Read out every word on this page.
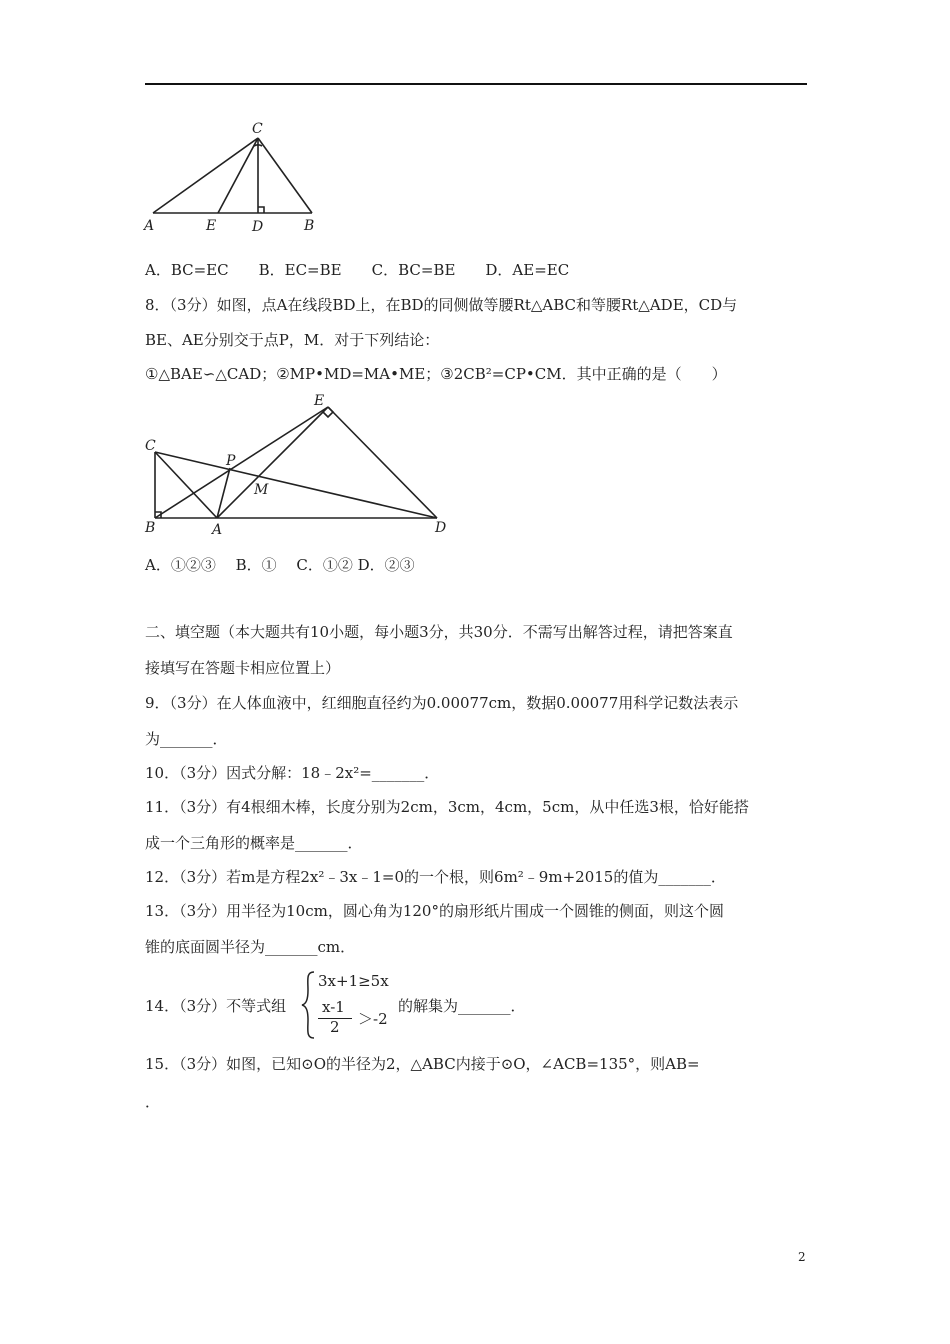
C
A	E	D	B
A．BC=EC　　B．EC=BE　　C．BC=BE　　D．AE=EC
8．（3分）如图，点A在线段BD上，在BD的同侧做等腰Rt△ABC和等腰Rt△ADE，CD与
BE、AE分别交于点P，M．对于下列结论：
①△BAE∽△CAD；②MP•MD=MA•ME；③2CB²=CP•CM．其中正确的是（　　）
E
C
P
M
B	A	D
A．①②③　 B．①　 C．①② D．②③
二、填空题（本大题共有10小题，每小题3分，共30分．不需写出解答过程，请把答案直
接填写在答题卡相应位置上）
9．（3分）在人体血液中，红细胞直径约为0.00077cm，数据0.00077用科学记数法表示
为_______．
10．（3分）因式分解：18﹣2x²=_______．
11．（3分）有4根细木棒，长度分别为2cm，3cm，4cm，5cm，从中任选3根，恰好能搭
成一个三角形的概率是_______．
12．（3分）若m是方程2x²﹣3x﹣1=0的一个根，则6m²﹣9m+2015的值为_______．
13．（3分）用半径为10cm，圆心角为120°的扇形纸片围成一个圆锥的侧面，则这个圆
锥的底面圆半径为_______cm．
14．（3分）不等式组
3x+1≥5x
x-1
2 ＞-2
的解集为_______．
15．（3分）如图，已知⊙O的半径为2，△ABC内接于⊙O，∠ACB=135°，则AB=
．
2
